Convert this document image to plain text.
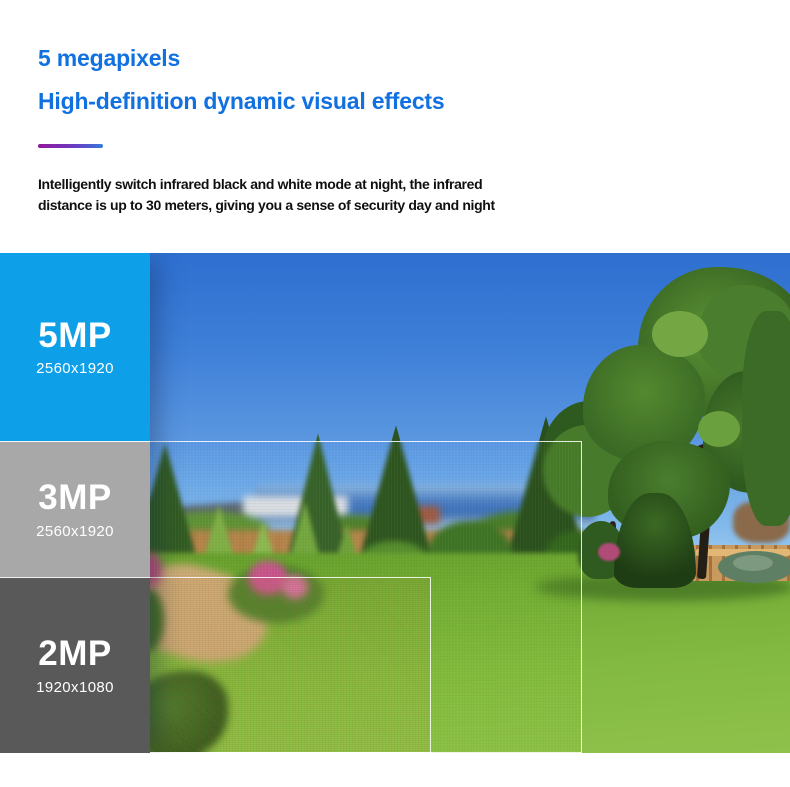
5 megapixels
High-definition dynamic visual effects
Intelligently switch infrared black and white mode at night, the infrared
distance is up to 30 meters, giving you a sense of security day and night
5MP
2560x1920
3MP
2560x1920
2MP
1920x1080
